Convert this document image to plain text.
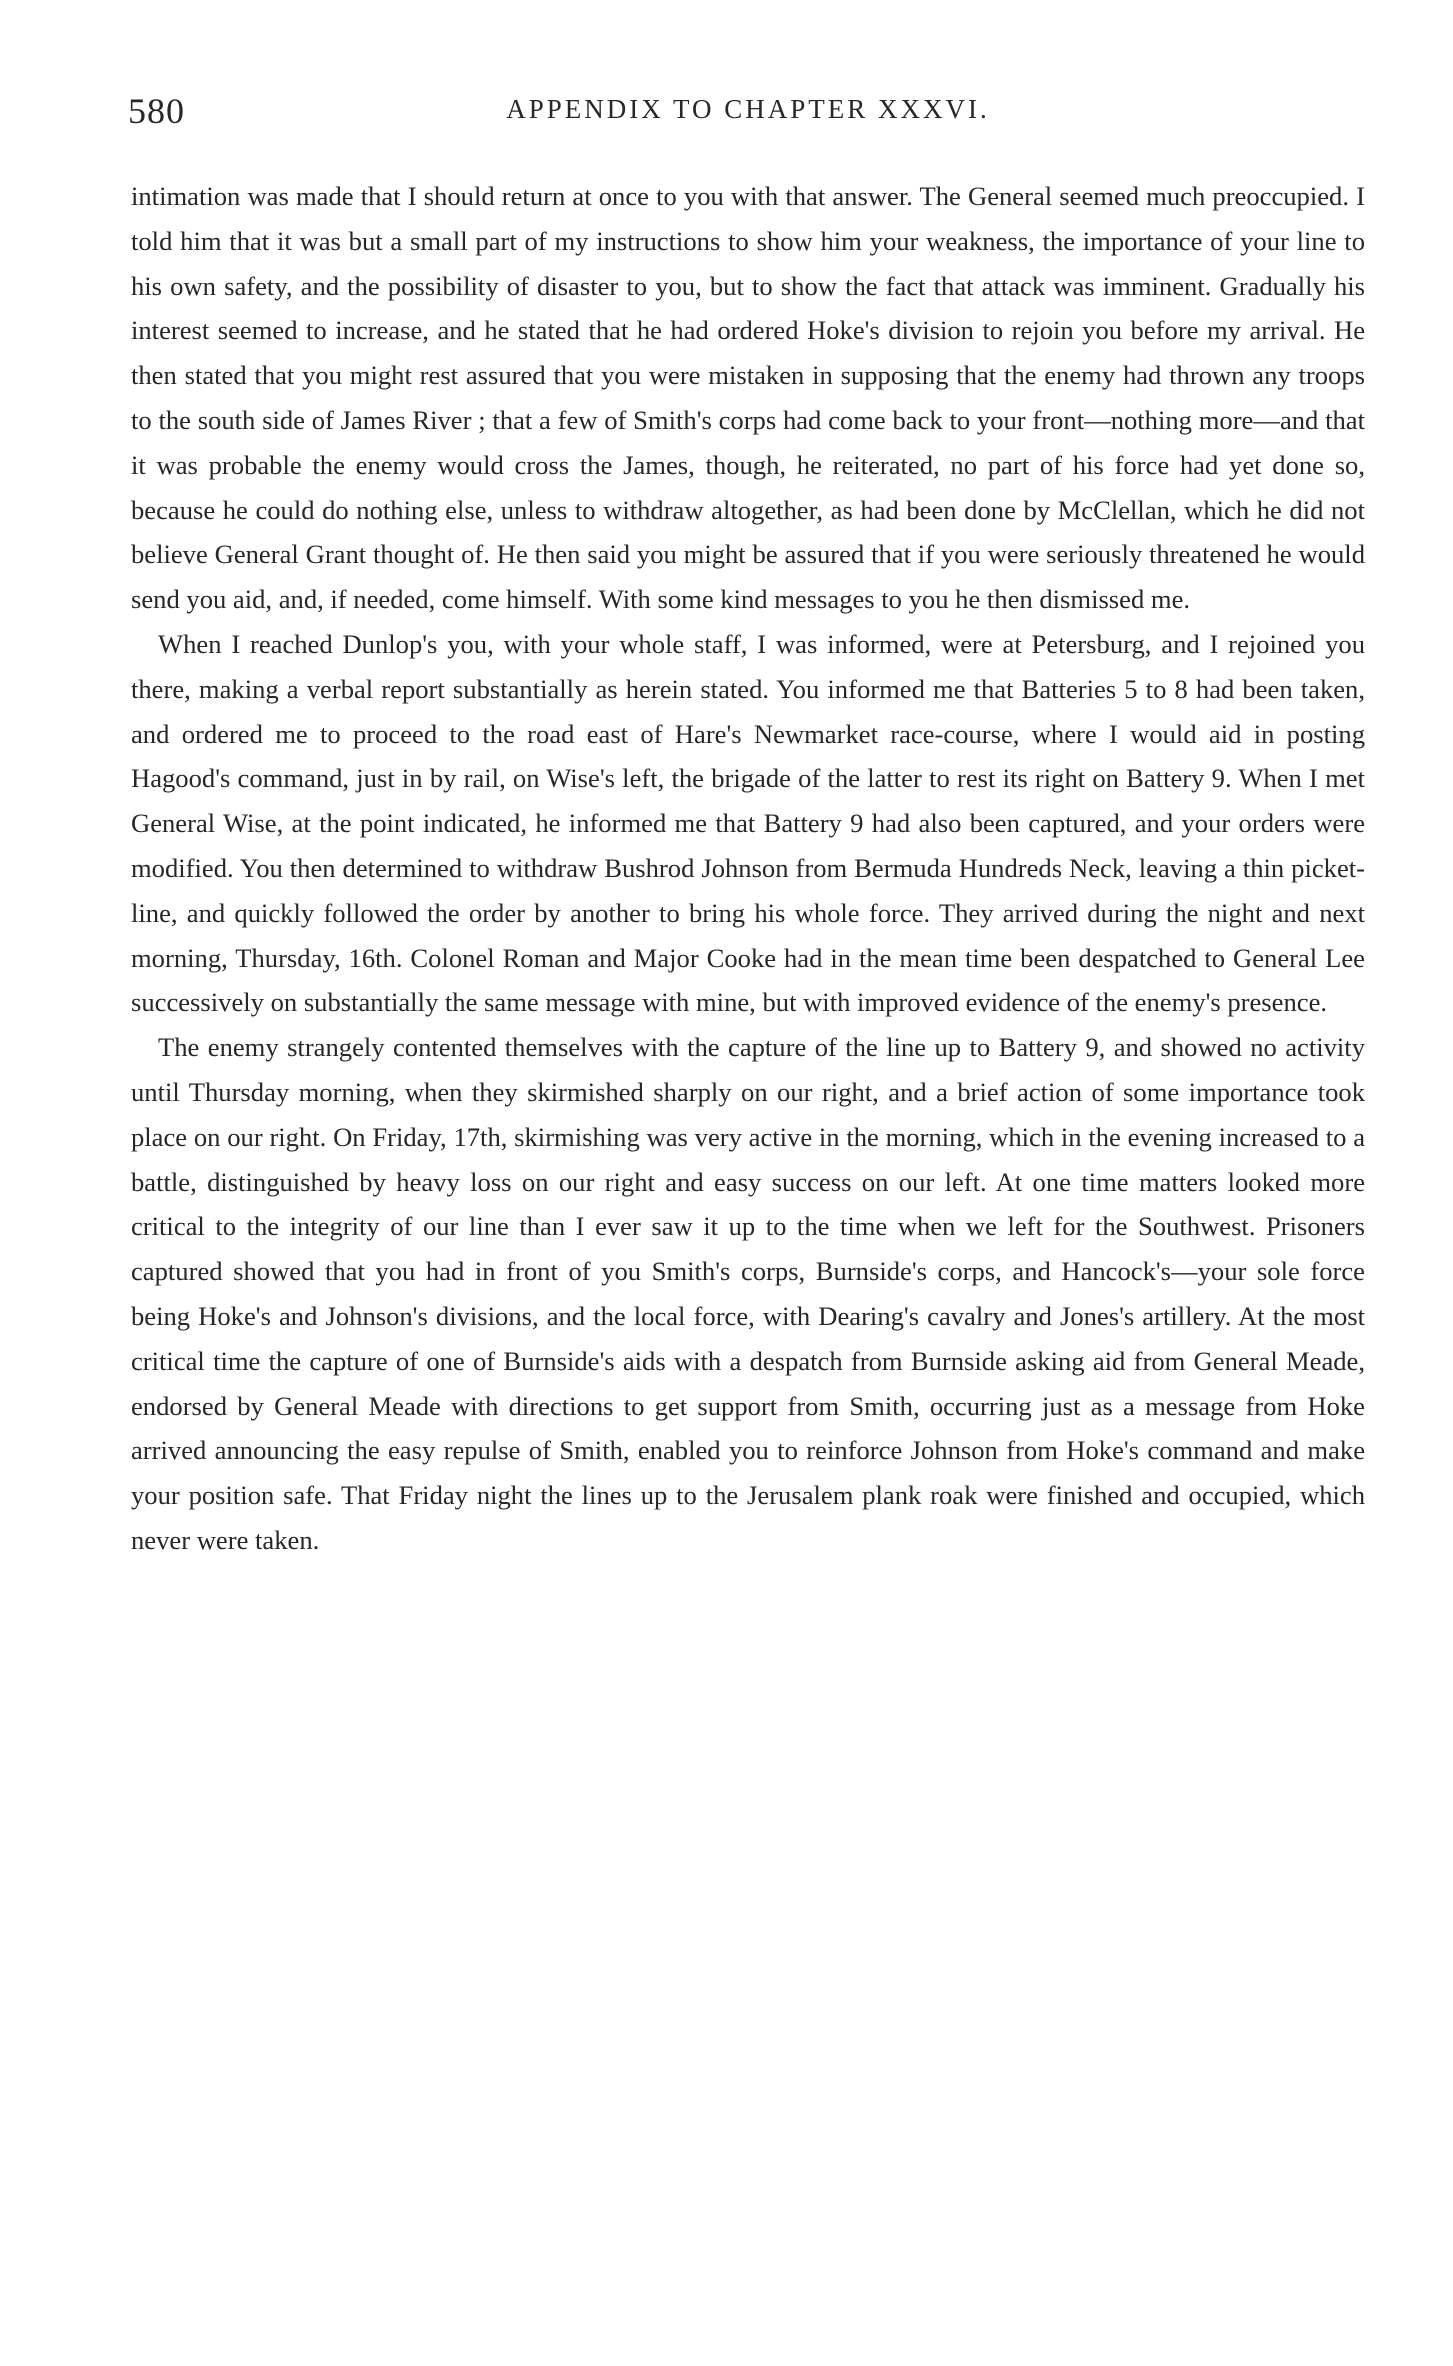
580	APPENDIX TO CHAPTER XXXVI.

intimation was made that I should return at once to you with that answer. The General seemed much preoccupied. I told him that it was but a small part of my instructions to show him your weakness, the importance of your line to his own safety, and the possibility of disaster to you, but to show the fact that attack was imminent. Gradually his interest seemed to increase, and he stated that he had ordered Hoke's division to rejoin you before my arrival. He then stated that you might rest assured that you were mistaken in supposing that the enemy had thrown any troops to the south side of James River ; that a few of Smith's corps had come back to your front—nothing more—and that it was probable the enemy would cross the James, though, he reiterated, no part of his force had yet done so, because he could do nothing else, unless to withdraw altogether, as had been done by McClellan, which he did not believe General Grant thought of. He then said you might be assured that if you were seriously threatened he would send you aid, and, if needed, come himself. With some kind messages to you he then dismissed me.

When I reached Dunlop's you, with your whole staff, I was informed, were at Petersburg, and I rejoined you there, making a verbal report substantially as herein stated. You informed me that Batteries 5 to 8 had been taken, and ordered me to proceed to the road east of Hare's Newmarket race-course, where I would aid in posting Hagood's command, just in by rail, on Wise's left, the brigade of the latter to rest its right on Battery 9. When I met General Wise, at the point indicated, he informed me that Battery 9 had also been captured, and your orders were modified. You then determined to withdraw Bushrod Johnson from Bermuda Hundreds Neck, leaving a thin picket-line, and quickly followed the order by another to bring his whole force. They arrived during the night and next morning, Thursday, 16th. Colonel Roman and Major Cooke had in the mean time been despatched to General Lee successively on substantially the same message with mine, but with improved evidence of the enemy's presence.

The enemy strangely contented themselves with the capture of the line up to Battery 9, and showed no activity until Thursday morning, when they skirmished sharply on our right, and a brief action of some importance took place on our right. On Friday, 17th, skirmishing was very active in the morning, which in the evening increased to a battle, distinguished by heavy loss on our right and easy success on our left. At one time matters looked more critical to the integrity of our line than I ever saw it up to the time when we left for the Southwest. Prisoners captured showed that you had in front of you Smith's corps, Burnside's corps, and Hancock's—your sole force being Hoke's and Johnson's divisions, and the local force, with Dearing's cavalry and Jones's artillery. At the most critical time the capture of one of Burnside's aids with a despatch from Burnside asking aid from General Meade, endorsed by General Meade with directions to get support from Smith, occurring just as a message from Hoke arrived announcing the easy repulse of Smith, enabled you to reinforce Johnson from Hoke's command and make your position safe. That Friday night the lines up to the Jerusalem plank roak were finished and occupied, which never were taken.
